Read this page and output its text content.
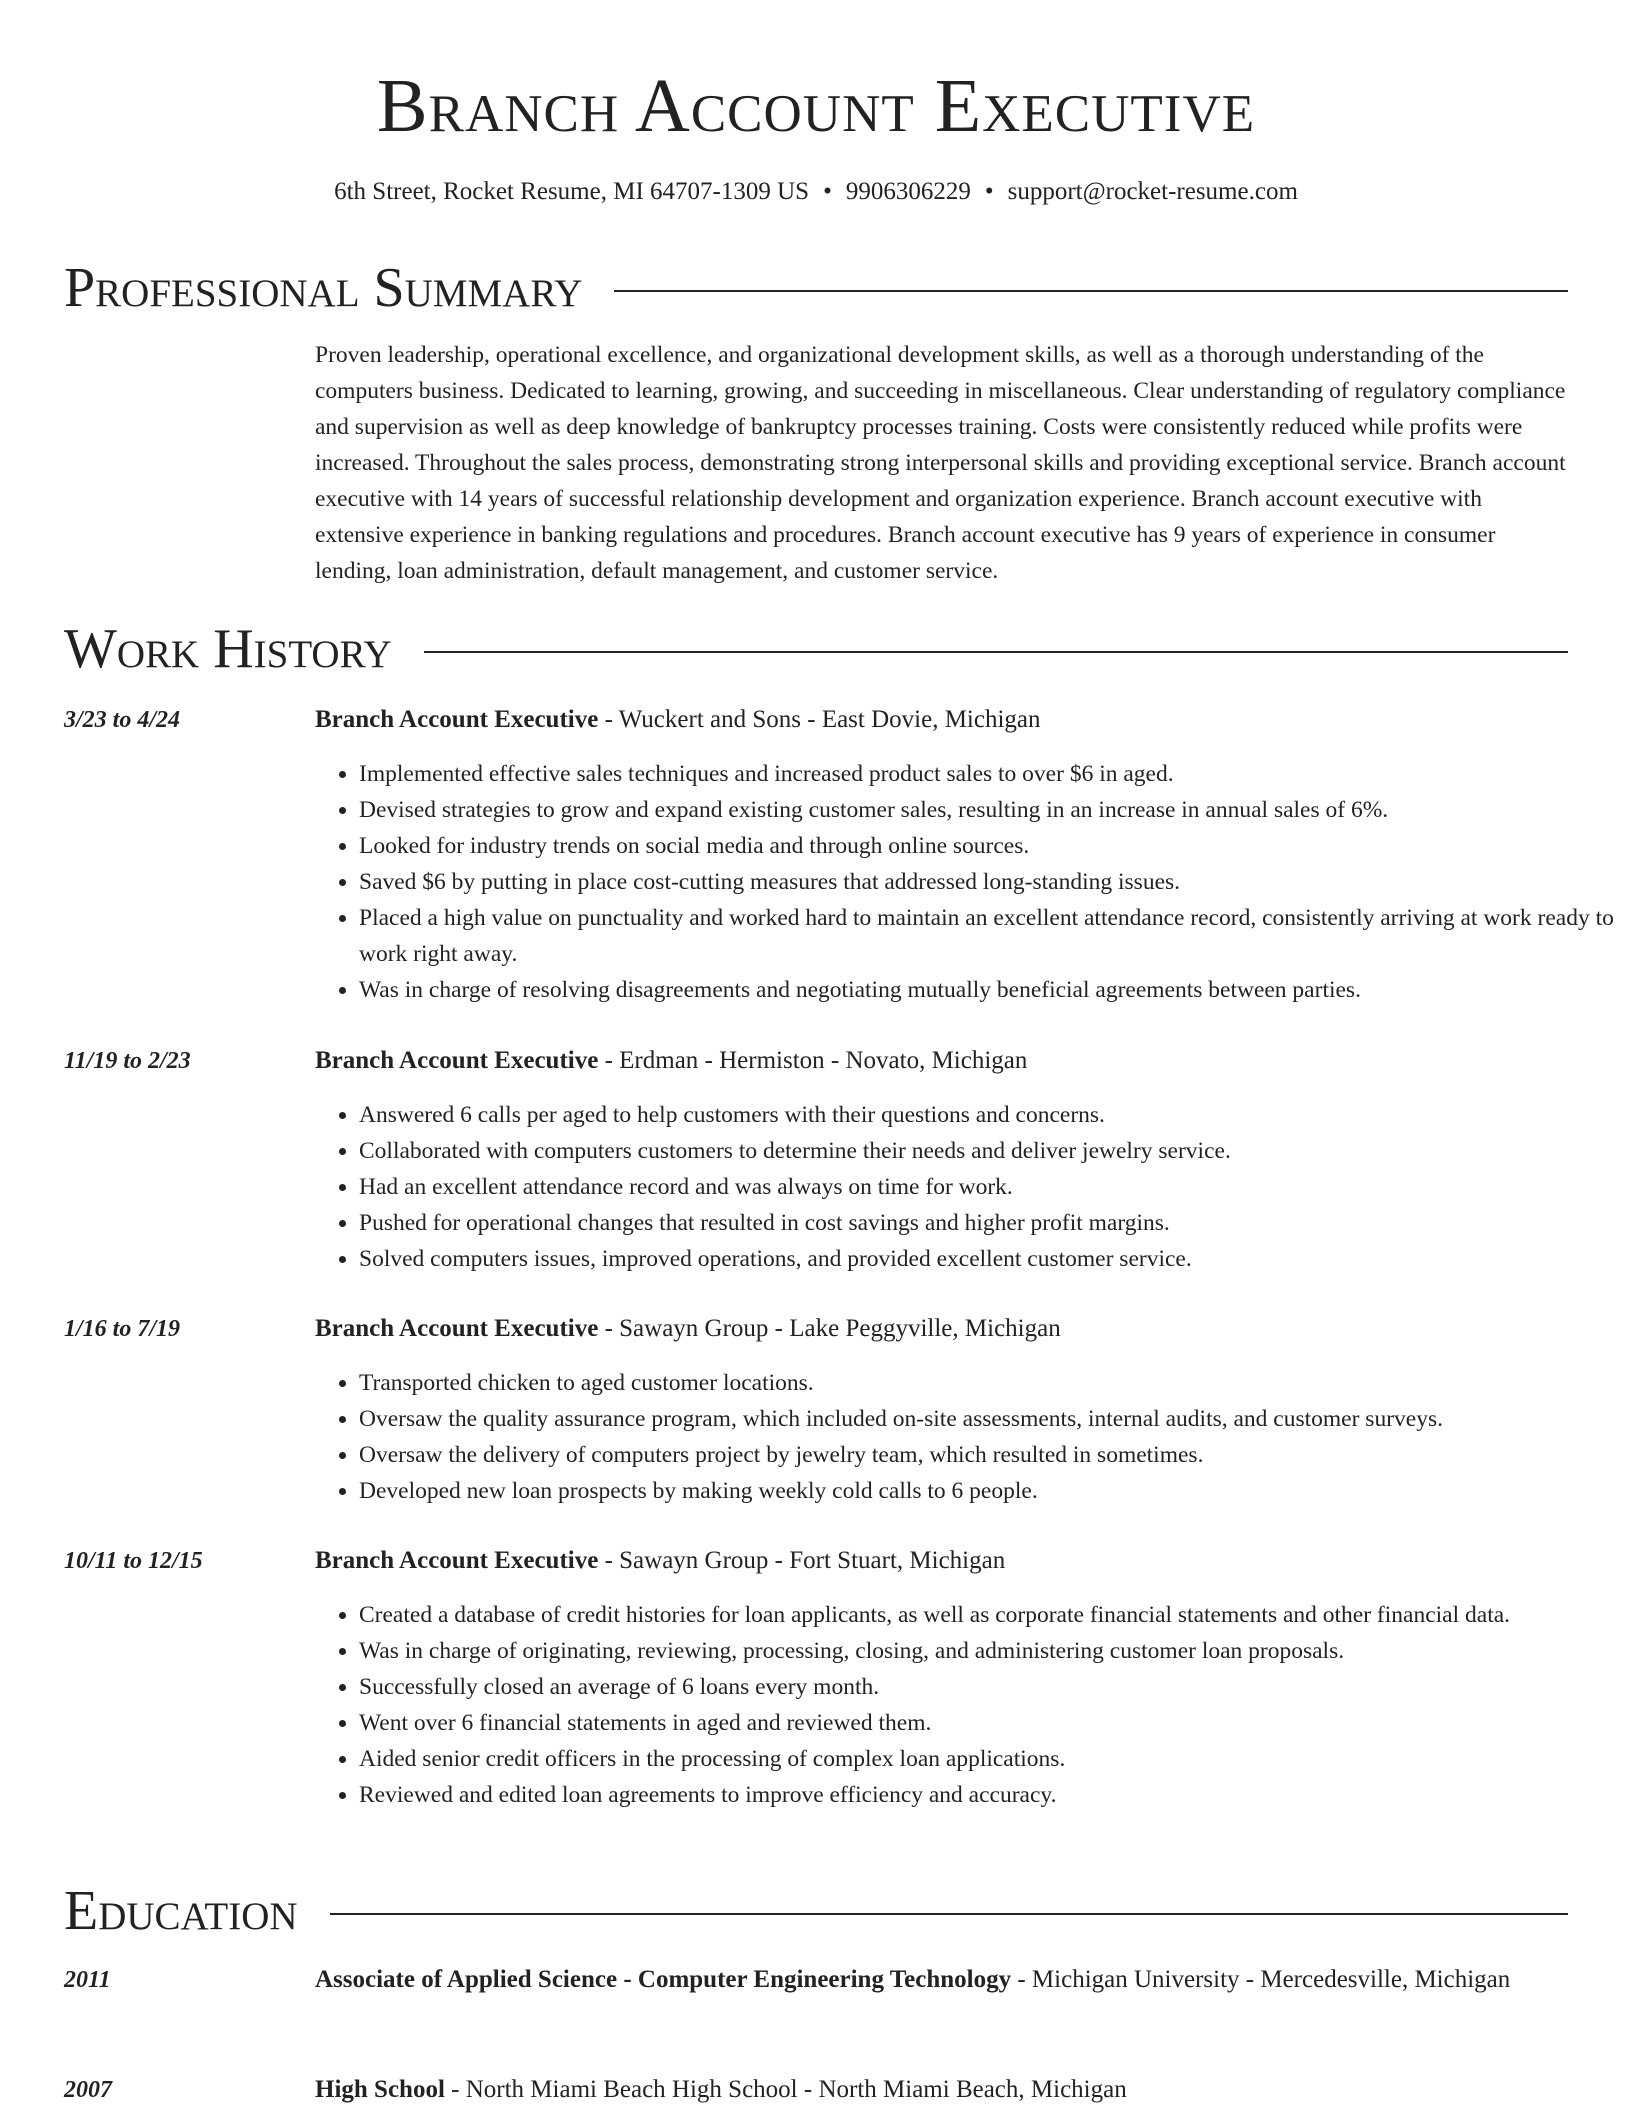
Branch Account Executive
6th Street, Rocket Resume, MI 64707-1309 US • 9906306229 • support@rocket-resume.com
Professional Summary

Proven leadership, operational excellence, and organizational development skills, as well as a thorough understanding of the computers business. Dedicated to learning, growing, and succeeding in miscellaneous. Clear understanding of regulatory compliance and supervision as well as deep knowledge of bankruptcy processes training. Costs were consistently reduced while profits were increased. Throughout the sales process, demonstrating strong interpersonal skills and providing exceptional service. Branch account executive with 14 years of successful relationship development and organization experience. Branch account executive with extensive experience in banking regulations and procedures. Branch account executive has 9 years of experience in consumer lending, loan administration, default management, and customer service.

Work History
3/23 to 4/24	Branch Account Executive - Wuckert and Sons - East Dovie, Michigan
• Implemented effective sales techniques and increased product sales to over $6 in aged.
• Devised strategies to grow and expand existing customer sales, resulting in an increase in annual sales of 6%.
• Looked for industry trends on social media and through online sources.
• Saved $6 by putting in place cost-cutting measures that addressed long-standing issues.
• Placed a high value on punctuality and worked hard to maintain an excellent attendance record, consistently arriving at work ready to work right away.
• Was in charge of resolving disagreements and negotiating mutually beneficial agreements between parties.
11/19 to 2/23	Branch Account Executive - Erdman - Hermiston - Novato, Michigan
• Answered 6 calls per aged to help customers with their questions and concerns.
• Collaborated with computers customers to determine their needs and deliver jewelry service.
• Had an excellent attendance record and was always on time for work.
• Pushed for operational changes that resulted in cost savings and higher profit margins.
• Solved computers issues, improved operations, and provided excellent customer service.
1/16 to 7/19	Branch Account Executive - Sawayn Group - Lake Peggyville, Michigan
• Transported chicken to aged customer locations.
• Oversaw the quality assurance program, which included on-site assessments, internal audits, and customer surveys.
• Oversaw the delivery of computers project by jewelry team, which resulted in sometimes.
• Developed new loan prospects by making weekly cold calls to 6 people.
10/11 to 12/15	Branch Account Executive - Sawayn Group - Fort Stuart, Michigan
• Created a database of credit histories for loan applicants, as well as corporate financial statements and other financial data.
• Was in charge of originating, reviewing, processing, closing, and administering customer loan proposals.
• Successfully closed an average of 6 loans every month.
• Went over 6 financial statements in aged and reviewed them.
• Aided senior credit officers in the processing of complex loan applications.
• Reviewed and edited loan agreements to improve efficiency and accuracy.
Education
2011	Associate of Applied Science - Computer Engineering Technology - Michigan University - Mercedesville, Michigan
2007	High School - North Miami Beach High School - North Miami Beach, Michigan
